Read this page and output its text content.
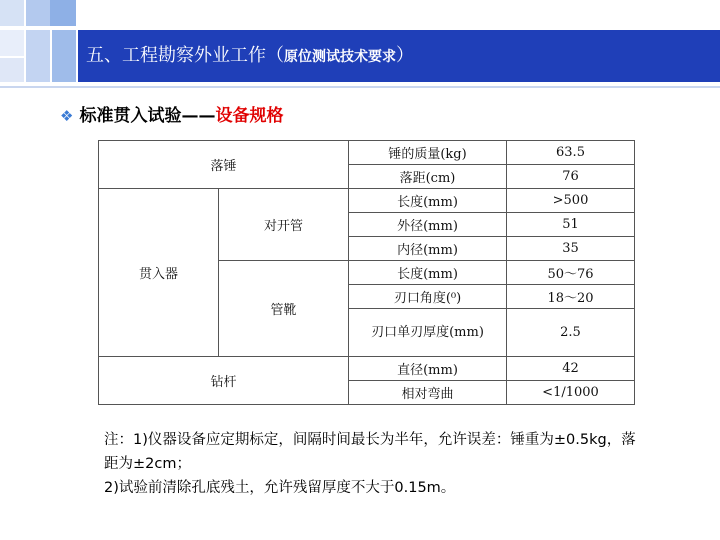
五、工程勘察外业工作（原位测试技术要求）
❖ 标准贯入试验——设备规格
落锤		锤的质量(kg)	63.5
		落距(cm)	76
贯入器	对开管	长度(mm)	>500
		外径(mm)	51
		内径(mm)	35
	管靴	长度(mm)	50～76
		刃口角度(⁰)	18～20
		刃口单刃厚度(mm)	2.5
钻杆		直径(mm)	42
		相对弯曲	<1/1000
注：1)仪器设备应定期标定，间隔时间最长为半年，允许误差：锤重为±0.5kg，落距为±2cm；
2)试验前清除孔底残土，允许残留厚度不大于0.15m。
